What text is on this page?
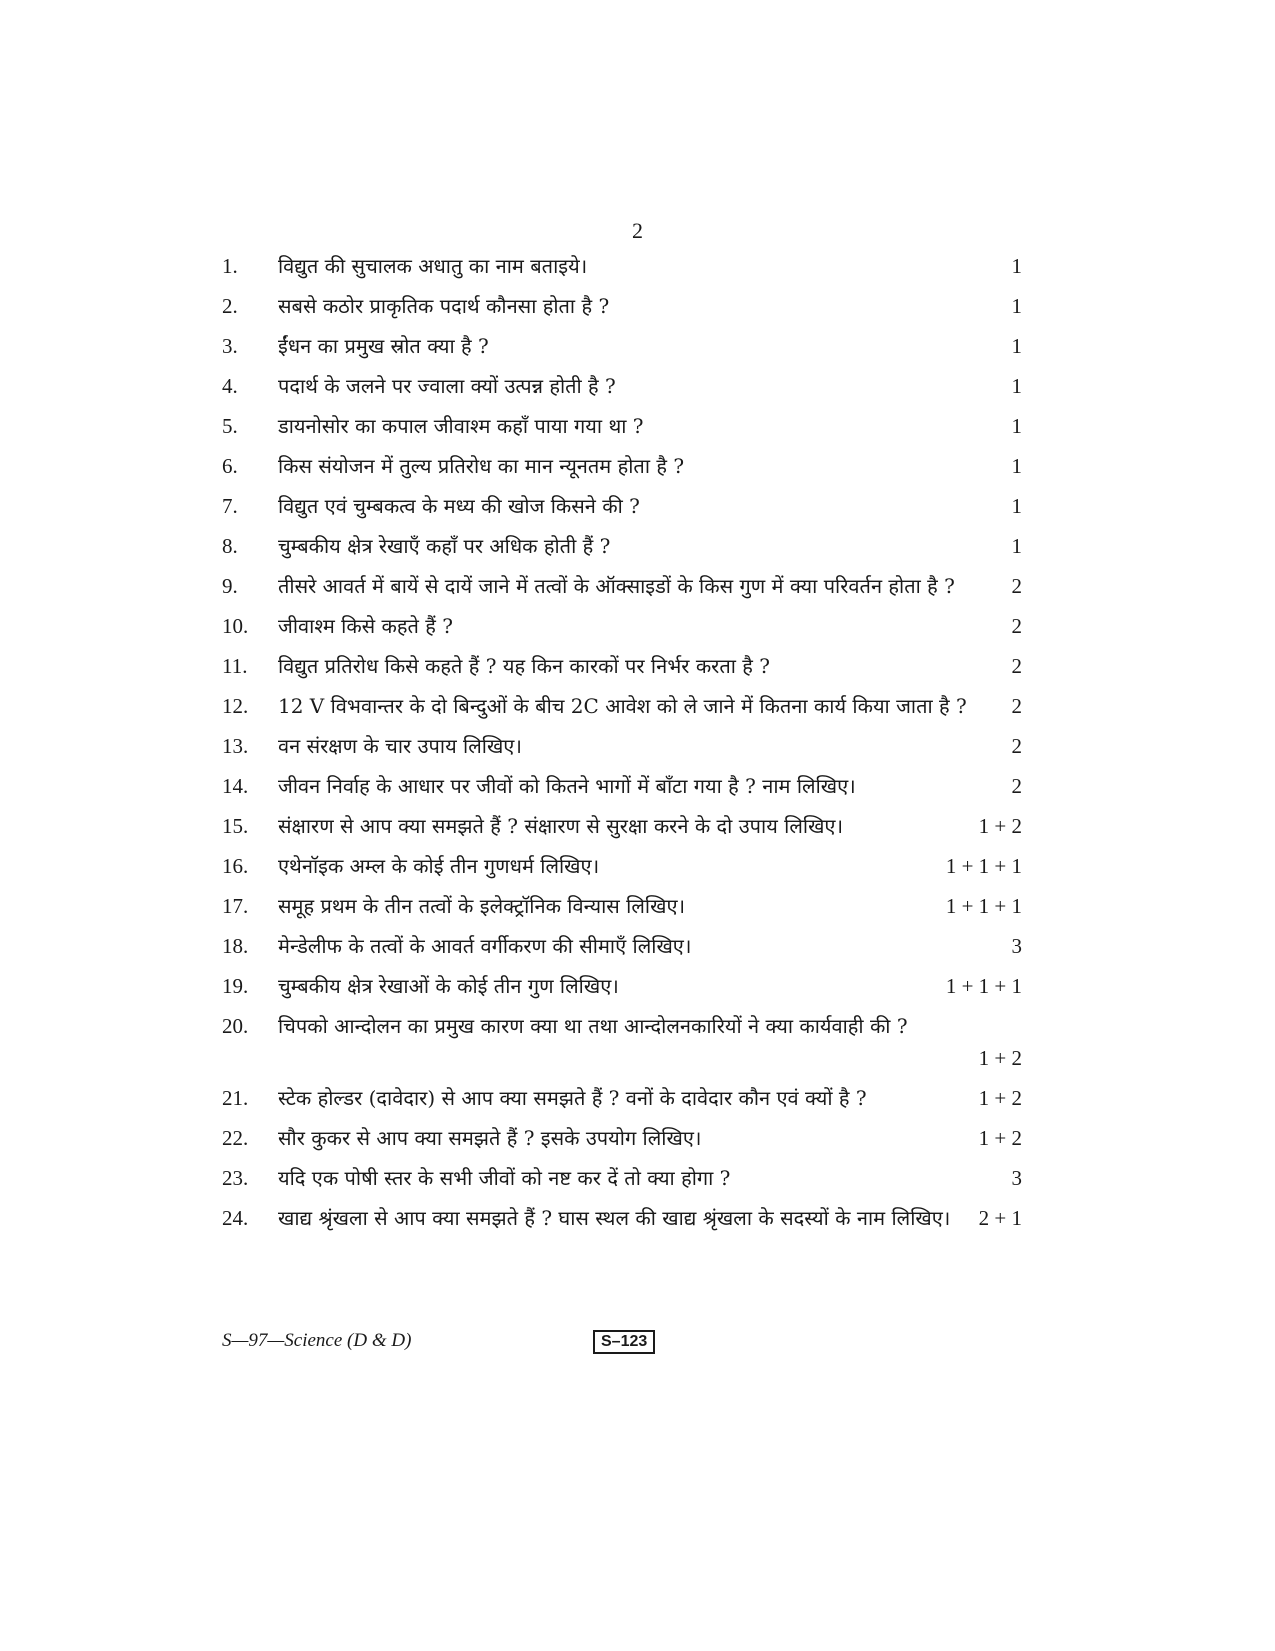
2
1.	विद्युत की सुचालक अधातु का नाम बताइये।	1
2.	सबसे कठोर प्राकृतिक पदार्थ कौनसा होता है ?	1
3.	ईंधन का प्रमुख स्रोत क्या है ?	1
4.	पदार्थ के जलने पर ज्वाला क्यों उत्पन्न होती है ?	1
5.	डायनोसोर का कपाल जीवाश्म कहाँ पाया गया था ?	1
6.	किस संयोजन में तुल्य प्रतिरोध का मान न्यूनतम होता है ?	1
7.	विद्युत एवं चुम्बकत्व के मध्य की खोज किसने की ?	1
8.	चुम्बकीय क्षेत्र रेखाएँ कहाँ पर अधिक होती हैं ?	1
9.	तीसरे आवर्त में बायें से दायें जाने में तत्वों के ऑक्साइडों के किस गुण में क्या परिवर्तन होता है ?	2
10.	जीवाश्म किसे कहते हैं ?	2
11.	विद्युत प्रतिरोध किसे कहते हैं ? यह किन कारकों पर निर्भर करता है ?	2
12.	12 V विभवान्तर के दो बिन्दुओं के बीच 2C आवेश को ले जाने में कितना कार्य किया जाता है ?	2
13.	वन संरक्षण के चार उपाय लिखिए।	2
14.	जीवन निर्वाह के आधार पर जीवों को कितने भागों में बाँटा गया है ? नाम लिखिए।	2
15.	संक्षारण से आप क्या समझते हैं ? संक्षारण से सुरक्षा करने के दो उपाय लिखिए।	1 + 2
16.	एथेनॉइक अम्ल के कोई तीन गुणधर्म लिखिए।	1 + 1 + 1
17.	समूह प्रथम के तीन तत्वों के इलेक्ट्रॉनिक विन्यास लिखिए।	1 + 1 + 1
18.	मेन्डेलीफ के तत्वों के आवर्त वर्गीकरण की सीमाएँ लिखिए।	3
19.	चुम्बकीय क्षेत्र रेखाओं के कोई तीन गुण लिखिए।	1 + 1 + 1
20.	चिपको आन्दोलन का प्रमुख कारण क्या था तथा आन्दोलनकारियों ने क्या कार्यवाही की ?
1 + 2
21.	स्टेक होल्डर (दावेदार) से आप क्या समझते हैं ? वनों के दावेदार कौन एवं क्यों है ?	1 + 2
22.	सौर कुकर से आप क्या समझते हैं ? इसके उपयोग लिखिए।	1 + 2
23.	यदि एक पोषी स्तर के सभी जीवों को नष्ट कर दें तो क्या होगा ?	3
24.	खाद्य श्रृंखला से आप क्या समझते हैं ? घास स्थल की खाद्य श्रृंखला के सदस्यों के नाम लिखिए।	2 + 1
S—97—Science (D & D)	S–123
